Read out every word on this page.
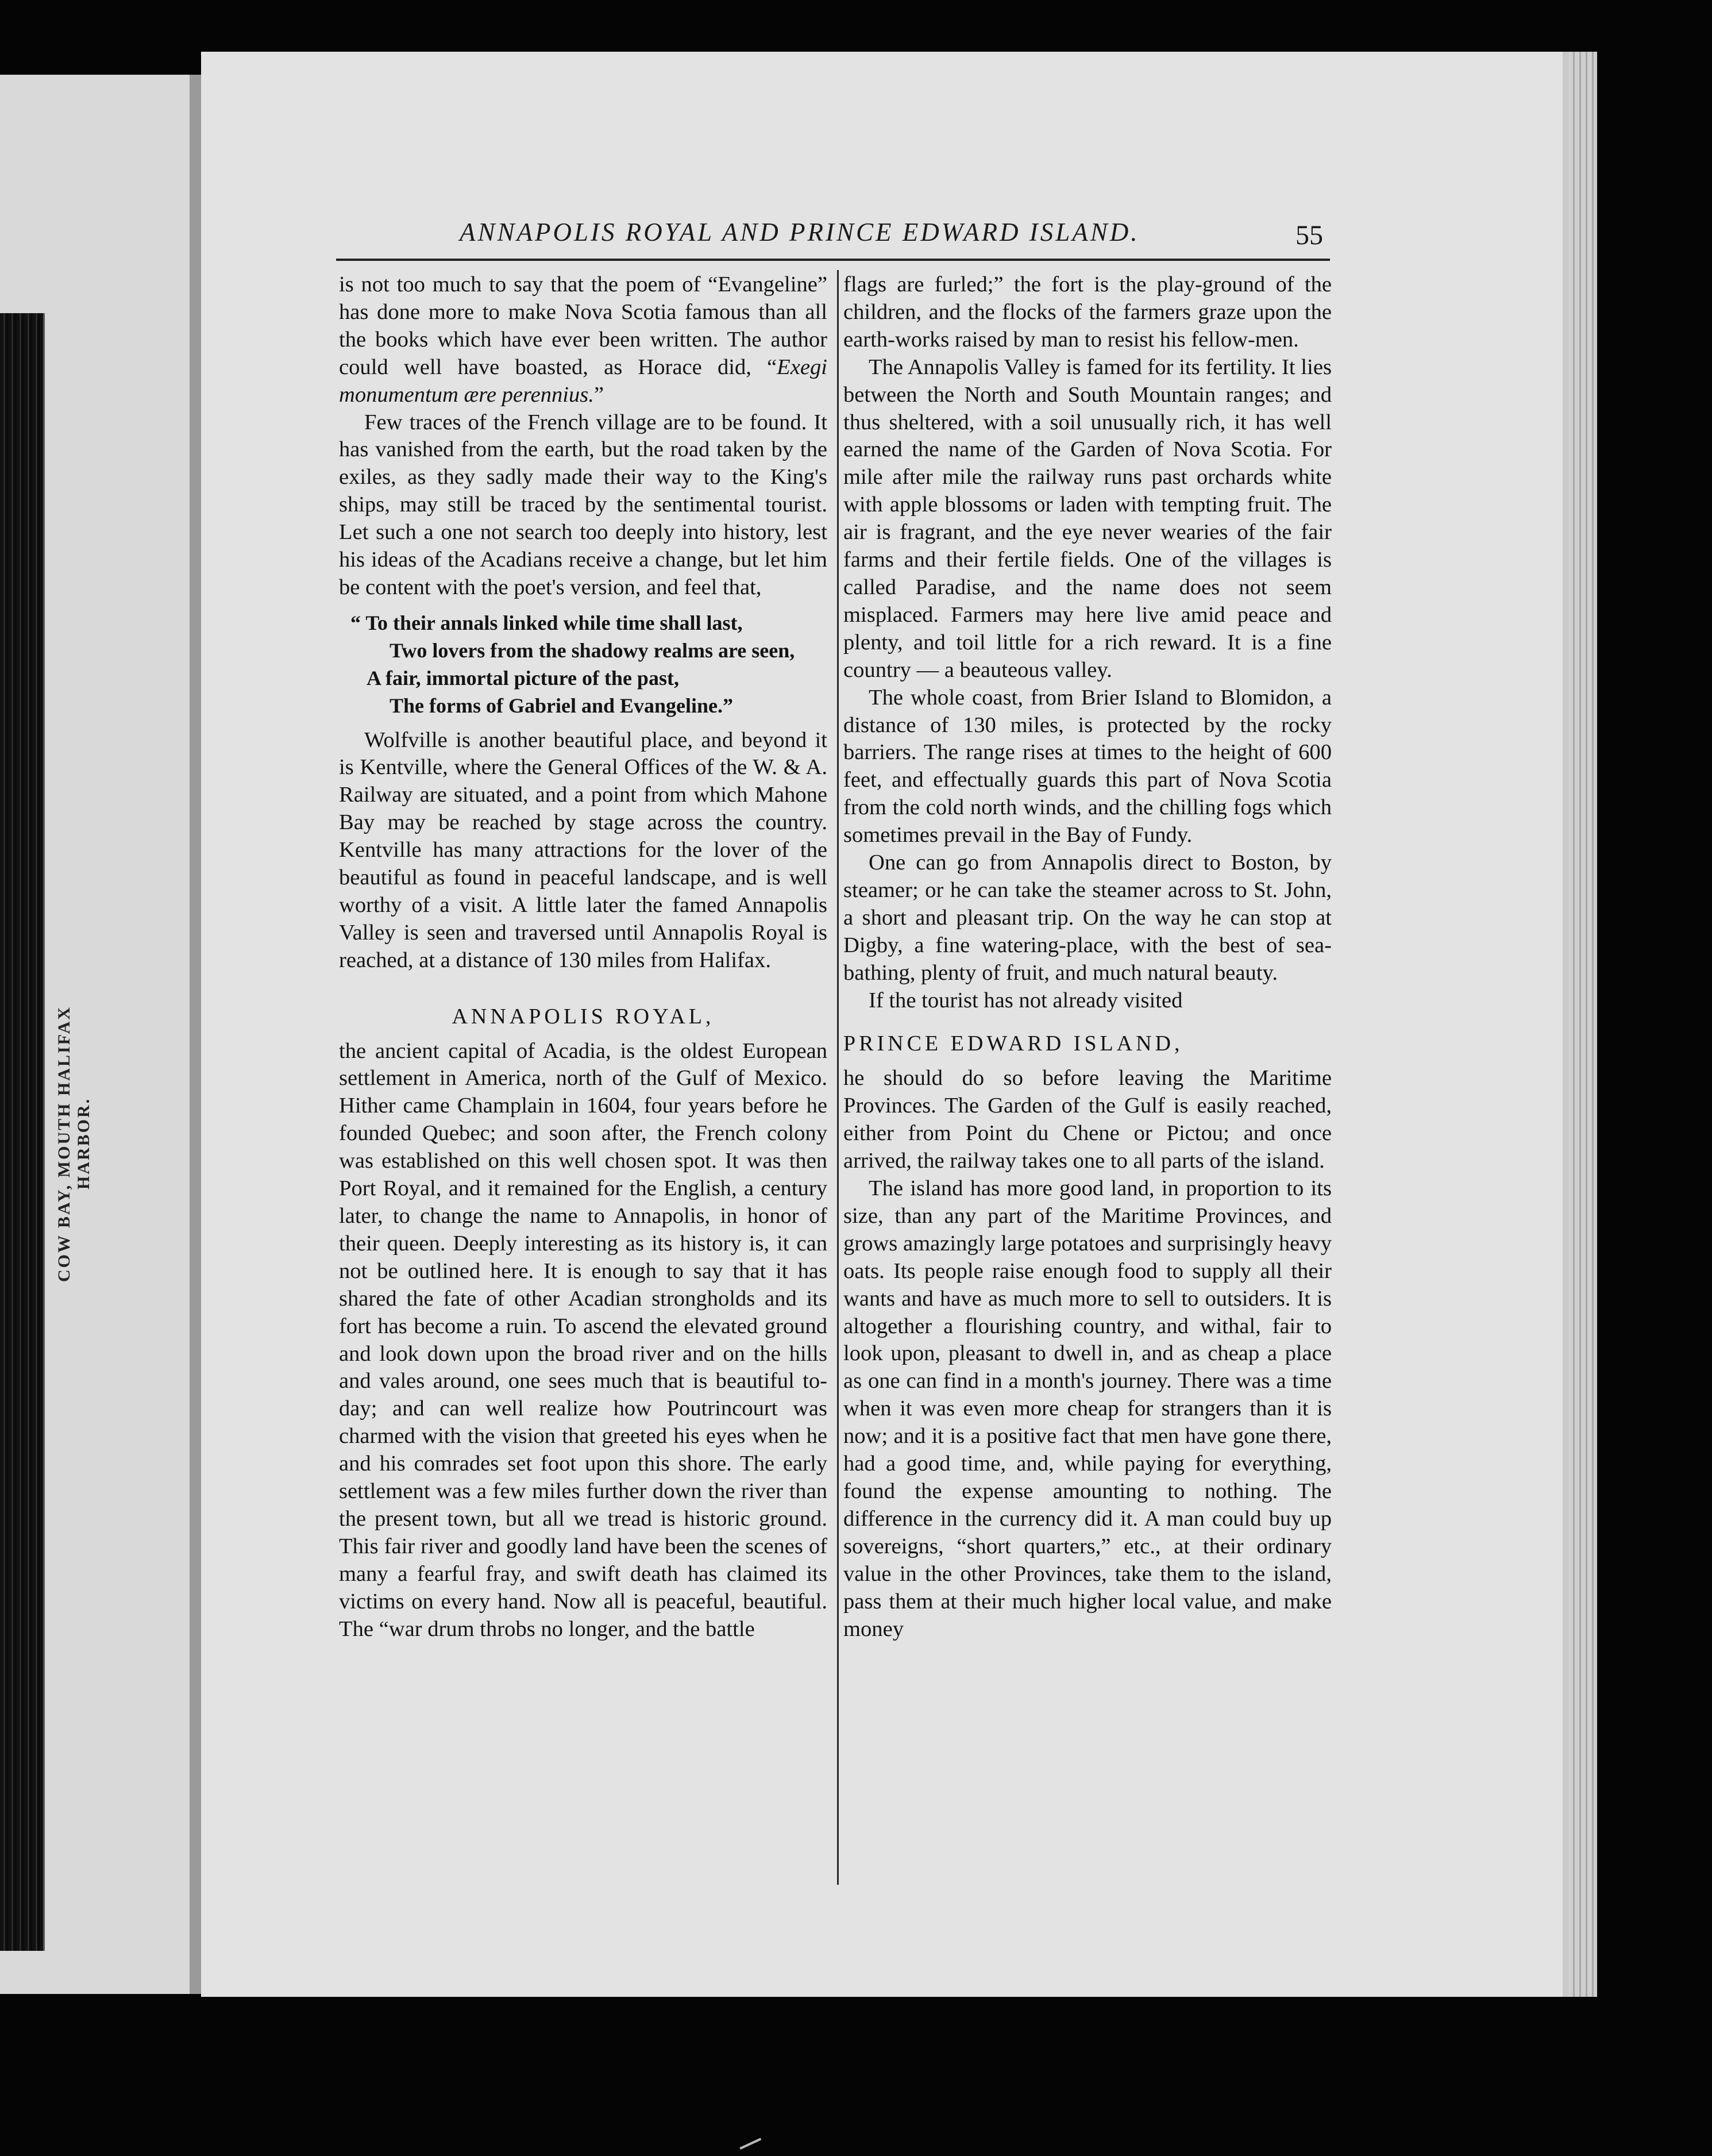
COW BAY, MOUTH HALIFAX HARBOR.
ANNAPOLIS ROYAL AND PRINCE EDWARD ISLAND.	55

is not too much to say that the poem of “Evangeline” has done more to make Nova Scotia famous than all the books which have ever been written. The author could well have boasted, as Horace did, “Exegi monumentum ære perennius.”

Few traces of the French village are to be found. It has vanished from the earth, but the road taken by the exiles, as they sadly made their way to the King's ships, may still be traced by the sentimental tourist. Let such a one not search too deeply into history, lest his ideas of the Acadians receive a change, but let him be content with the poet's version, and feel that,

“ To their annals linked while time shall last,
Two lovers from the shadowy realms are seen,
A fair, immortal picture of the past,
The forms of Gabriel and Evangeline.”

Wolfville is another beautiful place, and beyond it is Kentville, where the General Offices of the W. & A. Railway are situated, and a point from which Mahone Bay may be reached by stage across the country. Kentville has many attractions for the lover of the beautiful as found in peaceful landscape, and is well worthy of a visit. A little later the famed Annapolis Valley is seen and traversed until Annapolis Royal is reached, at a distance of 130 miles from Halifax.

ANNAPOLIS ROYAL,

the ancient capital of Acadia, is the oldest European settlement in America, north of the Gulf of Mexico. Hither came Champlain in 1604, four years before he founded Quebec; and soon after, the French colony was established on this well chosen spot. It was then Port Royal, and it remained for the English, a century later, to change the name to Annapolis, in honor of their queen. Deeply interesting as its history is, it can not be outlined here. It is enough to say that it has shared the fate of other Acadian strongholds and its fort has become a ruin. To ascend the elevated ground and look down upon the broad river and on the hills and vales around, one sees much that is beautiful to-day; and can well realize how Poutrincourt was charmed with the vision that greeted his eyes when he and his comrades set foot upon this shore. The early settlement was a few miles further down the river than the present town, but all we tread is historic ground. This fair river and goodly land have been the scenes of many a fearful fray, and swift death has claimed its victims on every hand. Now all is peaceful, beautiful. The “war drum throbs no longer, and the battle

flags are furled;” the fort is the play-ground of the children, and the flocks of the farmers graze upon the earth-works raised by man to resist his fellow-men.

The Annapolis Valley is famed for its fertility. It lies between the North and South Mountain ranges; and thus sheltered, with a soil unusually rich, it has well earned the name of the Garden of Nova Scotia. For mile after mile the railway runs past orchards white with apple blossoms or laden with tempting fruit. The air is fragrant, and the eye never wearies of the fair farms and their fertile fields. One of the villages is called Paradise, and the name does not seem misplaced. Farmers may here live amid peace and plenty, and toil little for a rich reward. It is a fine country — a beauteous valley.

The whole coast, from Brier Island to Blomidon, a distance of 130 miles, is protected by the rocky barriers. The range rises at times to the height of 600 feet, and effectually guards this part of Nova Scotia from the cold north winds, and the chilling fogs which sometimes prevail in the Bay of Fundy.

One can go from Annapolis direct to Boston, by steamer; or he can take the steamer across to St. John, a short and pleasant trip. On the way he can stop at Digby, a fine watering-place, with the best of sea-bathing, plenty of fruit, and much natural beauty.

If the tourist has not already visited

PRINCE EDWARD ISLAND,

he should do so before leaving the Maritime Provinces. The Garden of the Gulf is easily reached, either from Point du Chene or Pictou; and once arrived, the railway takes one to all parts of the island.

The island has more good land, in proportion to its size, than any part of the Maritime Provinces, and grows amazingly large potatoes and surprisingly heavy oats. Its people raise enough food to supply all their wants and have as much more to sell to outsiders. It is altogether a flourishing country, and withal, fair to look upon, pleasant to dwell in, and as cheap a place as one can find in a month's journey. There was a time when it was even more cheap for strangers than it is now; and it is a positive fact that men have gone there, had a good time, and, while paying for everything, found the expense amounting to nothing. The difference in the currency did it. A man could buy up sovereigns, “short quarters,” etc., at their ordinary value in the other Provinces, take them to the island, pass them at their much higher local value, and make money
